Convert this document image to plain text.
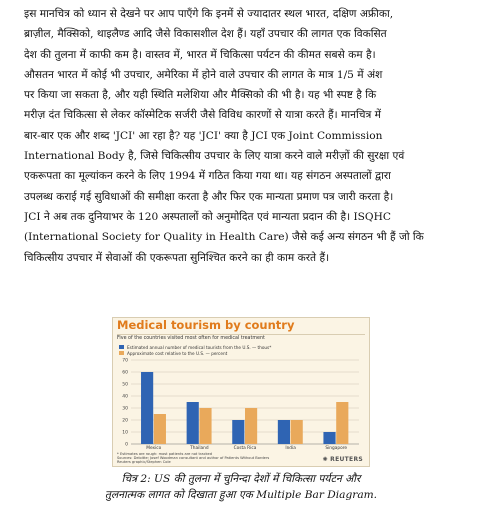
इस मानचित्र को ध्यान से देखने पर आप पाएँगे कि इनमें से ज्यादातर स्थल भारत, दक्षिण अफ्रीका,
ब्राज़ील, मैक्सिको, थाइलैण्ड आदि जैसे विकासशील देश हैं। यहाँ उपचार की लागत एक विकसित
देश की तुलना में काफी कम है। वास्तव में, भारत में चिकित्सा पर्यटन की कीमत सबसे कम है।
औसतन भारत में कोई भी उपचार, अमेरिका में होने वाले उपचार की लागत के मात्र 1/5 में अंश
पर किया जा सकता है, और यही स्थिति मलेशिया और मैक्सिको की भी है। यह भी स्पष्ट है कि
मरीज़ दंत चिकित्सा से लेकर कॉस्मेटिक सर्जरी जैसे विविध कारणों से यात्रा करते हैं। मानचित्र में
बार-बार एक और शब्द 'JCI' आ रहा है? यह 'JCI' क्या है JCI एक Joint Commission
International Body है, जिसे चिकित्सीय उपचार के लिए यात्रा करने वाले मरीज़ों की सुरक्षा एवं
एकरूपता का मूल्यांकन करने के लिए 1994 में गठित किया गया था। यह संगठन अस्पतालों द्वारा
उपलब्ध कराई गई सुविधाओं की समीक्षा करता है और फिर एक मान्यता प्रमाण पत्र जारी करता है।
JCI ने अब तक दुनियाभर के 120 अस्पतालों को अनुमोदित एवं मान्यता प्रदान की है। ISQHC
(International Society for Quality in Health Care) जैसे कई अन्य संगठन भी हैं जो कि
चिकित्सीय उपचार में सेवाओं की एकरूपता सुनिश्चित करने का ही काम करते हैं।
Medical tourism by country
Five of the countries visited most often for medical treatment
Estimated annual number of medical tourists from the U.S. — thous*
Approximate cost relative to the U.S. — percent
0
10
20
30
40
50
60
70
Mexico	Thailand	Costa Rica	India	Singapore
* Estimates are rough: most patients are not tracked
Sources: Deloitte; Josef Woodman consultant and author of Patients Without Borders
Reuters graphic/Stephen Cole	✺ REUTERS
चित्र 2: US की तुलना में चुनिन्दा देशों में चिकित्सा पर्यटन और
तुलनात्मक लागत को दिखाता हुआ एक Multiple Bar Diagram.
